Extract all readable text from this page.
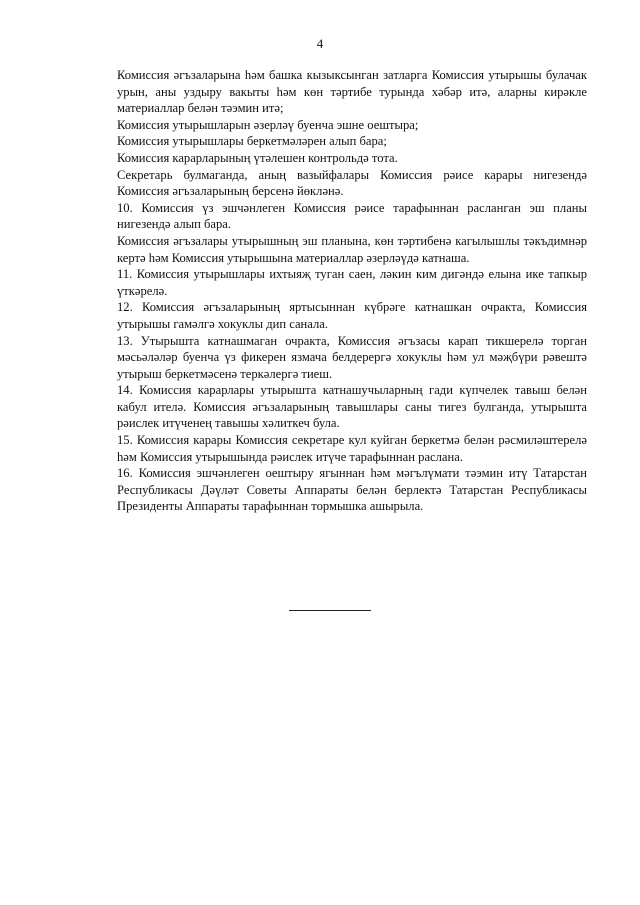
4

Комиссия әгъзаларына һәм башка кызыксынган затларга Комиссия утырышы булачак урын, аны уздыру вакыты һәм көн тәртибе турында хәбәр итә, аларны кирәкле материаллар белән тәэмин итә;

Комиссия утырышларын әзерләү буенча эшне оештыра;

Комиссия утырышлары беркетмәләрен алып бара;

Комиссия карарларының үтәлешен контрольдә тота.

Секретарь булмаганда, аның вазыйфалары Комиссия рәисе карары нигезендә Комиссия әгъзаларының берсенә йөкләнә.

10. Комиссия үз эшчәнлеген Комиссия рәисе тарафыннан расланган эш планы нигезендә алып бара.

Комиссия әгъзалары утырышның эш планына, көн тәртибенә кагылышлы тәкъдимнәр кертә һәм Комиссия утырышына материаллар әзерләүдә катнаша.

11. Комиссия утырышлары ихтыяҗ туган саен, ләкин ким дигәндә елына ике тапкыр үткәрелә.

12. Комиссия әгъзаларының яртысыннан күбрәге катнашкан очракта, Комиссия утырышы гамәлгә хокуклы дип санала.

13. Утырышта катнашмаган очракта, Комиссия әгъзасы карап тикшерелә торган мәсьәләләр буенча үз фикерен язмача белдерергә хокуклы һәм ул мәҗбүри рәвештә утырыш беркетмәсенә теркәлергә тиеш.

14. Комиссия карарлары утырышта катнашучыларның гади күпчелек тавыш белән кабул ителә. Комиссия әгъзаларының тавышлары саны тигез булганда, утырышта рәислек итүченең тавышы хәлиткеч була.

15. Комиссия карары Комиссия секретаре кул куйган беркетмә белән рәсмиләштерелә һәм Комиссия утырышында рәислек итүче тарафыннан раслана.

16. Комиссия эшчәнлеген оештыру ягыннан һәм мәгълүмати тәэмин итү Татарстан Республикасы Дәүләт Советы Аппараты белән берлектә Татарстан Республикасы Президенты Аппараты тарафыннан тормышка ашырыла.
